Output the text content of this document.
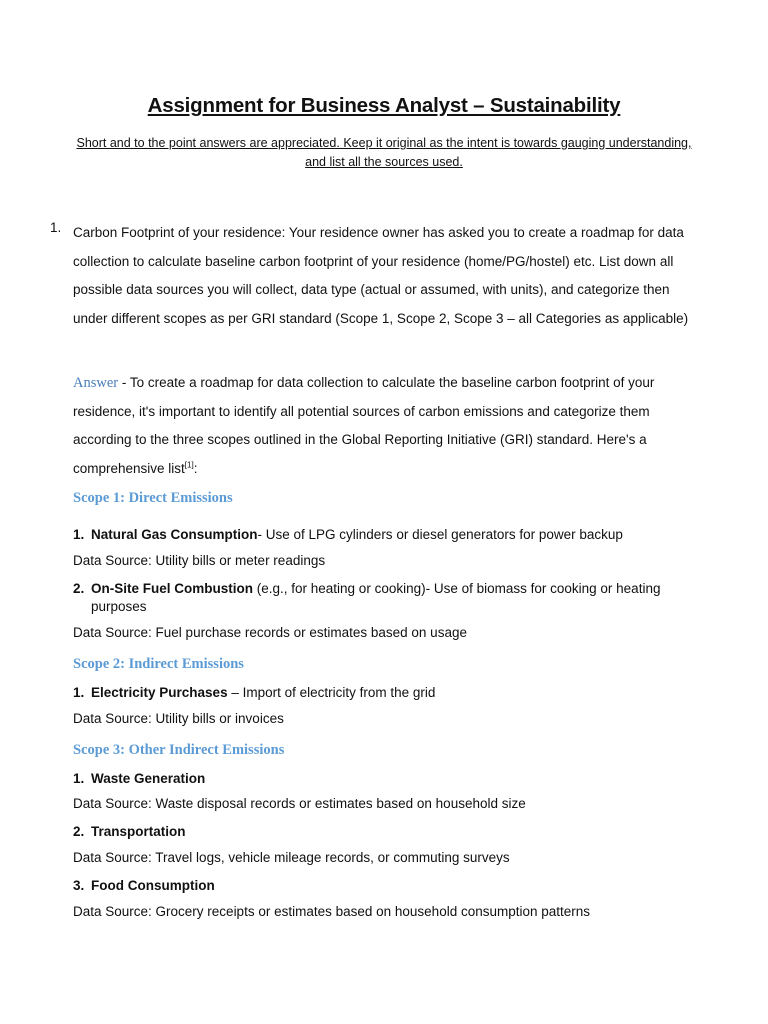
Assignment for Business Analyst – Sustainability
Short and to the point answers are appreciated. Keep it original as the intent is towards gauging understanding,
and list all the sources used.
1. Carbon Footprint of your residence: Your residence owner has asked you to create a roadmap for data
collection to calculate baseline carbon footprint of your residence (home/PG/hostel) etc. List down all
possible data sources you will collect, data type (actual or assumed, with units), and categorize then
under different scopes as per GRI standard (Scope 1, Scope 2, Scope 3 – all Categories as applicable)
Answer - To create a roadmap for data collection to calculate the baseline carbon footprint of your
residence, it's important to identify all potential sources of carbon emissions and categorize them
according to the three scopes outlined in the Global Reporting Initiative (GRI) standard. Here's a
comprehensive list[1]:
Scope 1: Direct Emissions
1. Natural Gas Consumption- Use of LPG cylinders or diesel generators for power backup
Data Source: Utility bills or meter readings
2. On-Site Fuel Combustion (e.g., for heating or cooking)- Use of biomass for cooking or heating
purposes
Data Source: Fuel purchase records or estimates based on usage
Scope 2: Indirect Emissions
1. Electricity Purchases – Import of electricity from the grid
Data Source: Utility bills or invoices
Scope 3: Other Indirect Emissions
1. Waste Generation
Data Source: Waste disposal records or estimates based on household size
2. Transportation
Data Source: Travel logs, vehicle mileage records, or commuting surveys
3. Food Consumption
Data Source: Grocery receipts or estimates based on household consumption patterns
